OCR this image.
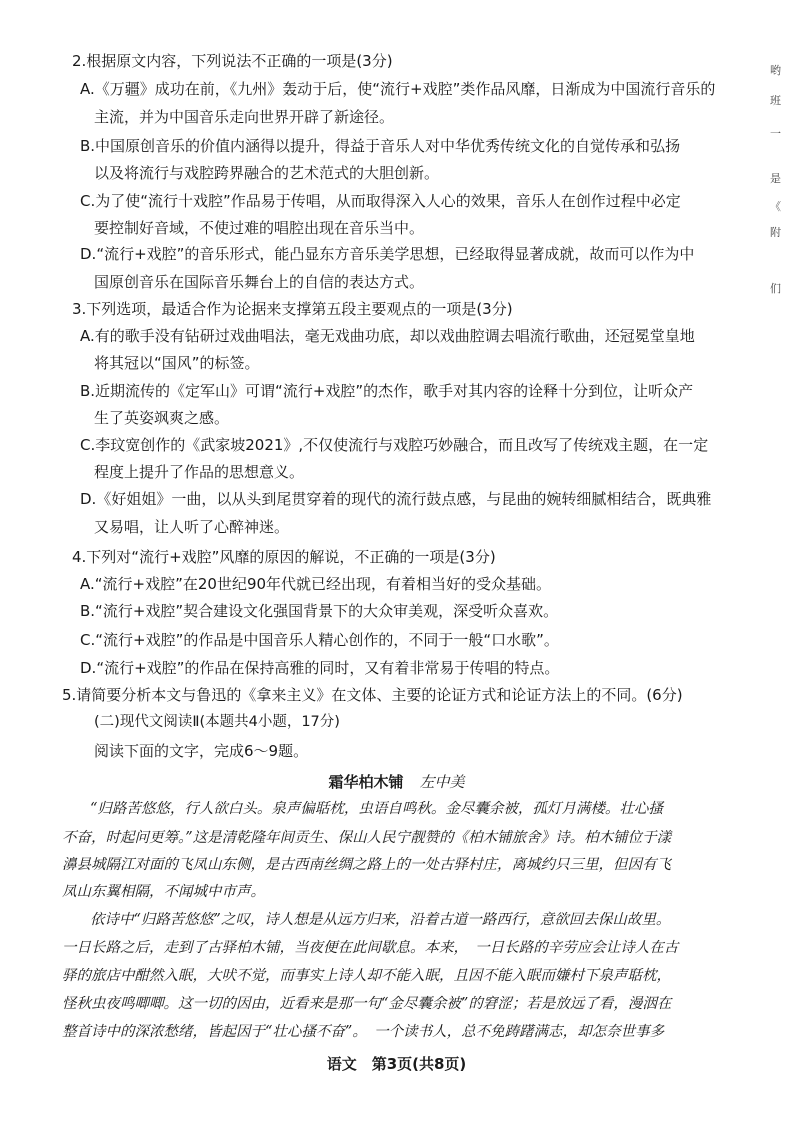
2.根据原文内容，下列说法不正确的一项是(3分)
A.《万疆》成功在前，《九州》轰动于后，使“流行+戏腔”类作品风靡，日渐成为中国流行音乐的
主流，并为中国音乐走向世界开辟了新途径。
B.中国原创音乐的价值内涵得以提升，得益于音乐人对中华优秀传统文化的自觉传承和弘扬
以及将流行与戏腔跨界融合的艺术范式的大胆创新。
C.为了使“流行十戏腔”作品易于传唱，从而取得深入人心的效果，音乐人在创作过程中必定
要控制好音域，不使过难的唱腔出现在音乐当中。
D.“流行+戏腔”的音乐形式，能凸显东方音乐美学思想，已经取得显著成就，故而可以作为中
国原创音乐在国际音乐舞台上的自信的表达方式。
3.下列选项，最适合作为论据来支撑第五段主要观点的一项是(3分)
A.有的歌手没有钻研过戏曲唱法，毫无戏曲功底，却以戏曲腔调去唱流行歌曲，还冠冕堂皇地
将其冠以“国风”的标签。
B.近期流传的《定军山》可谓“流行+戏腔”的杰作，歌手对其内容的诠释十分到位，让听众产
生了英姿飒爽之感。
C.李玟宽创作的《武家坡2021》,不仅使流行与戏腔巧妙融合，而且改写了传统戏主题，在一定
程度上提升了作品的思想意义。
D.《好姐姐》一曲，以从头到尾贯穿着的现代的流行鼓点感，与昆曲的婉转细腻相结合，既典雅
又易唱，让人听了心醉神迷。
4.下列对“流行+戏腔”风靡的原因的解说，不正确的一项是(3分)
A.“流行+戏腔”在20世纪90年代就已经出现，有着相当好的受众基础。
B.“流行+戏腔”契合建设文化强国背景下的大众审美观，深受听众喜欢。
C.“流行+戏腔”的作品是中国音乐人精心创作的，不同于一般“口水歌”。
D.“流行+戏腔”的作品在保持高雅的同时，又有着非常易于传唱的特点。
5.请简要分析本文与鲁迅的《拿来主义》在文体、主要的论证方式和论证方法上的不同。(6分)
(二)现代文阅读Ⅱ(本题共4小题，17分)
阅读下面的文字，完成6～9题。
霜华柏木铺 左中美
“归路苦悠悠，行人欲白头。泉声偏聒枕，虫语自鸣秋。金尽囊余被，孤灯月满楼。壮心搔
不奋，时起问更筹。”这是清乾隆年间贡生、保山人民宁靓赞的《柏木铺旅舍》诗。柏木铺位于漾
濞县城隔江对面的飞凤山东侧，是古西南丝绸之路上的一处古驿村庄，离城约只三里，但因有飞
凤山东翼相隔，不闻城中市声。
依诗中“归路苦悠悠”之叹，诗人想是从远方归来，沿着古道一路西行，意欲回去保山故里。
一日长路之后，走到了古驿柏木铺，当夜便在此间歇息。本来，　一日长路的辛劳应会让诗人在古
驿的旅店中酣然入眠，大吠不觉，而事实上诗人却不能入眠，且因不能入眠而嫌村下泉声聒枕，
怪秋虫夜鸣唧唧。这一切的因由，近看来是那一句“金尽囊余被”的窘涩；若是放远了看，漫洇在
整首诗中的深浓愁绪，皆起因于“壮心搔不奋”。　一个读书人，总不免踌躇满志，却怎奈世事多
语文　第3页(共8页)
哟
班
一
是
《
附
们
